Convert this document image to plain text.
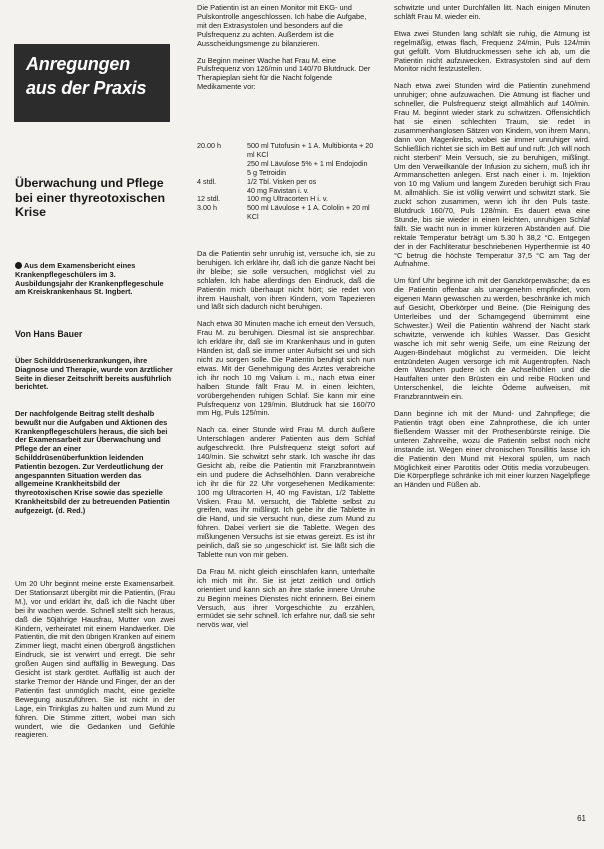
Anregungen
aus der Praxis
Überwachung und Pflege bei einer thyreotoxischen Krise
Aus dem Examensbericht eines Krankenpflegeschülers im 3. Ausbildungsjahr der Krankenpflegeschule am Kreiskrankenhaus St. Ingbert.
Von Hans Bauer
Über Schilddrüsenerkrankungen, ihre Diagnose und Therapie, wurde von ärztlicher Seite in dieser Zeitschrift bereits ausführlich berichtet.
Der nachfolgende Beitrag stellt deshalb bewußt nur die Aufgaben und Aktionen des Krankenpflegeschülers heraus, die sich bei der Examensarbeit zur Überwachung und Pflege der an einer Schilddrüsenüberfunktion leidenden Patientin bezogen. Zur Verdeutlichung der angespannten Situation werden das allgemeine Krankheitsbild der thyreotoxischen Krise sowie das spezielle Krankheitsbild der zu betreuenden Patientin aufgezeigt. (d. Red.)
Um 20 Uhr beginnt meine erste Examensarbeit. Der Stationsarzt übergibt mir die Patientin, (Frau M.), vor und erklärt ihr, daß ich die Nacht über bei ihr wachen werde. Schnell stellt sich heraus, daß die 50jährige Hausfrau, Mutter von zwei Kindern, verheiratet mit einem Handwerker. Die Patientin, die mit den übrigen Kranken auf einem Zimmer liegt, macht einen übergroß ängstlichen Eindruck, sie ist verwirrt und erregt. Die sehr großen Augen sind auffällig in Bewegung. Das Gesicht ist stark gerötet. Auffällig ist auch der starke Tremor der Hände und Finger, der an der Patientin fast unmöglich macht, eine gezielte Bewegung auszuführen. Sie ist nicht in der Lage, ein Trinkglas zu halten und zum Mund zu führen. Die Stimme zittert, wobei man sich wundert, wie die Gedanken und Gefühle reagieren.

Die Patientin ist an einen Monitor mit EKG- und Pulskontrolle angeschlossen. Ich habe die Aufgabe, mit den Extrasystolen und besonders auf die Pulsfrequenz zu achten. Außerdem ist die Ausscheidungsmenge zu bilanzieren.

Zu Beginn meiner Wache hat Frau M. eine Pulsfrequenz von 126/min und 140/70 Blutdruck. Der Therapieplan sieht für die Nacht folgende Medikamente vor:

20.00 h	500 ml Tutofusin + 1 A. Multibionta + 20 ml KCl
250 ml Lävulose 5% + 1 ml Endojodin
5 g Tetroidin
4 stdl.	1/2 Tbl. Visken per os
40 mg Favistan i. v.
12 stdl.	100 mg Ultracorten H i. v.
3.00 h	500 ml Lävulose + 1 A. Cololin + 20 ml KCl

Da die Patientin sehr unruhig ist, versuche ich, sie zu beruhigen. Ich erkläre ihr, daß ich die ganze Nacht bei ihr bleibe; sie solle versuchen, möglichst viel zu schlafen. Ich habe allerdings den Eindruck, daß die Patientin mich überhaupt nicht hört; sie redet von ihrem Haushalt, von ihren Kindern, vom Tapezieren und läßt sich dadurch nicht beruhigen.

Nach etwa 30 Minuten mache ich erneut den Versuch, Frau M. zu beruhigen. Diesmal ist sie ansprechbar. Ich erkläre ihr, daß sie im Krankenhaus und in guten Händen ist, daß sie immer unter Aufsicht sei und sich nicht zu sorgen solle. Die Patientin beruhigt sich nun etwas. Mit der Genehmigung des Arztes verabreiche ich ihr noch 10 mg Valium i. m., nach etwa einer halben Stunde fällt Frau M. in einen leichten, vorübergehenden ruhigen Schlaf. Sie kann mir eine Pulsfrequenz von 129/min. Blutdruck hat sie 160/70 mm Hg, Puls 125/min.

Nach ca. einer Stunde wird Frau M. durch äußere Unterschlagen anderer Patienten aus dem Schlaf aufgeschreckt. Ihre Pulsfrequenz steigt sofort auf 140/min. Sie schwitzt sehr stark. Ich wasche ihr das Gesicht ab, reibe die Patientin mit Franzbranntwein ein und pudere die Achselhöhlen. Dann verabreiche ich ihr die für 22 Uhr vorgesehenen Medikamente: 100 mg Ultracorten H, 40 mg Favistan, 1/2 Tablette Visken. Frau M. versucht, die Tablette selbst zu greifen, was ihr mißlingt. Ich gebe ihr die Tablette in die Hand, und sie versucht nun, diese zum Mund zu führen. Dabei verliert sie die Tablette. Wegen des mißlungenen Versuchs ist sie etwas gereizt. Es ist ihr peinlich, daß sie so ‚ungeschickt' ist. Sie läßt sich die Tablette nun von mir geben.

Da Frau M. nicht gleich einschlafen kann, unterhalte ich mich mit ihr. Sie ist jetzt zeitlich und örtlich orientiert und kann sich an ihre starke innere Unruhe zu Beginn meines Dienstes nicht erinnern. Bei einem Versuch, aus ihrer Vorgeschichte zu erzählen, ermüdet sie sehr schnell. Ich erfahre nur, daß sie sehr nervös war, viel

schwitzte und unter Durchfällen litt. Nach einigen Minuten schläft Frau M. wieder ein.

Etwa zwei Stunden lang schläft sie ruhig, die Atmung ist regelmäßig, etwas flach, Frequenz 24/min, Puls 124/min gut gefüllt. Vom Blutdruckmessen sehe ich ab, um die Patientin nicht aufzuwecken. Extrasystolen sind auf dem Monitor nicht festzustellen.

Nach etwa zwei Stunden wird die Patientin zunehmend unruhiger; ohne aufzuwachen. Die Atmung ist flacher und schneller, die Pulsfrequenz steigt allmählich auf 140/min. Frau M. beginnt wieder stark zu schwitzen. Offensichtlich hat sie einen schlechten Traum, sie redet in zusammenhanglosen Sätzen von Kindern, von ihrem Mann, dann von Magenkrebs, wobei sie immer unruhiger wird. Schließlich richtet sie sich im Bett auf und ruft: ‚Ich will noch nicht sterben!' Mein Versuch, sie zu beruhigen, mißlingt. Um den Verweilkanüle der Infusion zu sichern, muß ich ihr Armmanschetten anlegen. Erst nach einer i. m. Injektion von 10 mg Valium und langem Zureden beruhigt sich Frau M. allmählich. Sie ist völlig verwirrt und schwitzt stark. Sie zuckt schon zusammen, wenn ich ihr den Puls taste. Blutdruck 160/70, Puls 128/min. Es dauert etwa eine Stunde, bis sie wieder in einen leichten, unruhigen Schlaf fällt. Sie wacht nun in immer kürzeren Abständen auf. Die rektale Temperatur beträgt um 5.30 h 38,2 °C. Entgegen der in der Fachliteratur beschriebenen Hyperthermie ist 40 °C betrug die höchste Temperatur 37,5 °C am Tag der Aufnahme.

Um fünf Uhr beginne ich mit der Ganzkörperwäsche; da es die Patientin offenbar als unangenehm empfindet, vom eigenen Mann gewaschen zu werden, beschränke ich mich auf Gesicht, Oberkörper und Beine. (Die Reinigung des Unterleibes und der Schamgegend übernimmt eine Schwester.) Weil die Patientin während der Nacht stark schwitzte, verwende ich kühles Wasser. Das Gesicht wasche ich mit sehr wenig Seife, um eine Reizung der Augen-Bindehaut möglichst zu vermeiden. Die leicht entzündeten Augen versorge ich mit Augentropfen. Nach dem Waschen pudere ich die Achselhöhlen und die Hautfalten unter den Brüsten ein und reibe Rücken und Unterschenkel, die leichte Ödeme aufweisen, mit Franzbranntwein ein.

Dann beginne ich mit der Mund- und Zahnpflege; die Patientin trägt oben eine Zahnprothese, die ich unter fließendem Wasser mit der Prothesenbürste reinige. Die unteren Zahnreihe, wozu die Patientin selbst noch nicht imstande ist. Wegen einer chronischen Tonsillitis lasse ich die Patientin den Mund mit Hexoral spülen, um nach Möglichkeit einer Parotitis oder Otitis media vorzubeugen. Die Körperpflege schränke ich mit einer kurzen Nagelpflege an Händen und Füßen ab.

61
